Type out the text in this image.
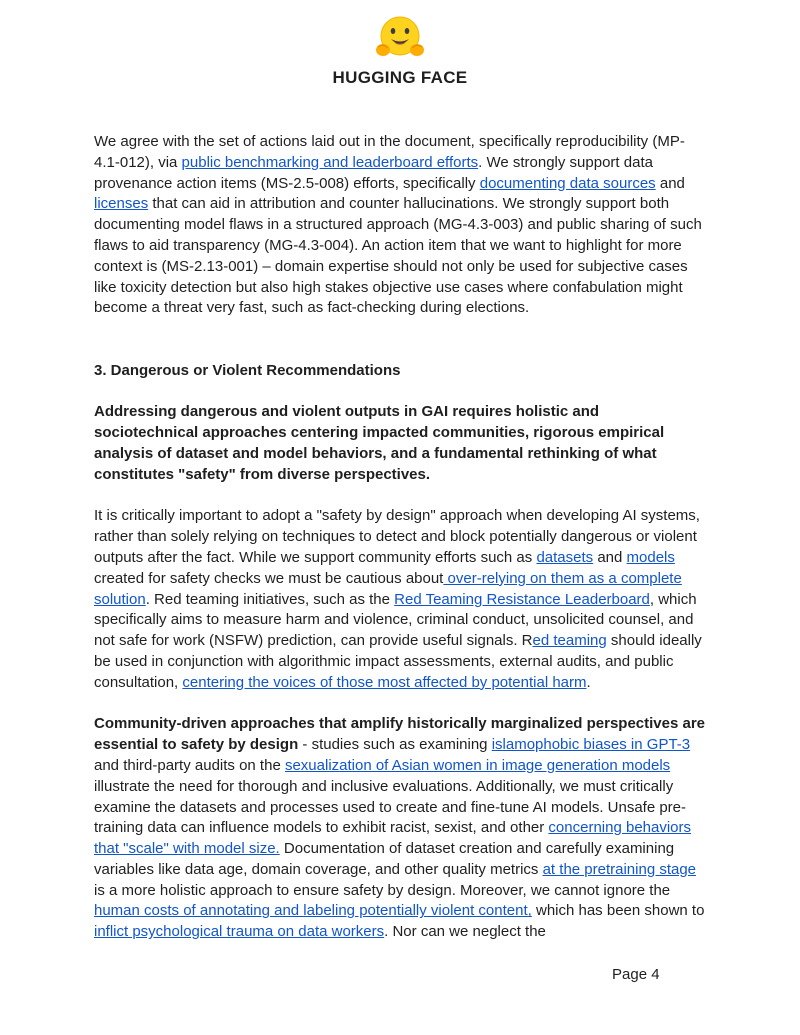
HUGGING FACE

We agree with the set of actions laid out in the document, specifically reproducibility (MP-4.1-012), via public benchmarking and leaderboard efforts. We strongly support data provenance action items (MS-2.5-008) efforts, specifically documenting data sources and licenses that can aid in attribution and counter hallucinations. We strongly support both documenting model flaws in a structured approach (MG-4.3-003) and public sharing of such flaws to aid transparency (MG-4.3-004). An action item that we want to highlight for more context is (MS-2.13-001) – domain expertise should not only be used for subjective cases like toxicity detection but also high stakes objective use cases where confabulation might become a threat very fast, such as fact-checking during elections.

3. Dangerous or Violent Recommendations

Addressing dangerous and violent outputs in GAI requires holistic and sociotechnical approaches centering impacted communities, rigorous empirical analysis of dataset and model behaviors, and a fundamental rethinking of what constitutes "safety" from diverse perspectives.

It is critically important to adopt a "safety by design" approach when developing AI systems, rather than solely relying on techniques to detect and block potentially dangerous or violent outputs after the fact. While we support community efforts such as datasets and models created for safety checks we must be cautious about over-relying on them as a complete solution. Red teaming initiatives, such as the Red Teaming Resistance Leaderboard, which specifically aims to measure harm and violence, criminal conduct, unsolicited counsel, and not safe for work (NSFW) prediction, can provide useful signals. Red teaming should ideally be used in conjunction with algorithmic impact assessments, external audits, and public consultation, centering the voices of those most affected by potential harm.

Community-driven approaches that amplify historically marginalized perspectives are essential to safety by design - studies such as examining islamophobic biases in GPT-3 and third-party audits on the sexualization of Asian women in image generation models illustrate the need for thorough and inclusive evaluations. Additionally, we must critically examine the datasets and processes used to create and fine-tune AI models. Unsafe pre-training data can influence models to exhibit racist, sexist, and other concerning behaviors that "scale" with model size. Documentation of dataset creation and carefully examining variables like data age, domain coverage, and other quality metrics at the pretraining stage is a more holistic approach to ensure safety by design. Moreover, we cannot ignore the human costs of annotating and labeling potentially violent content, which has been shown to inflict psychological trauma on data workers. Nor can we neglect the

Page 4
